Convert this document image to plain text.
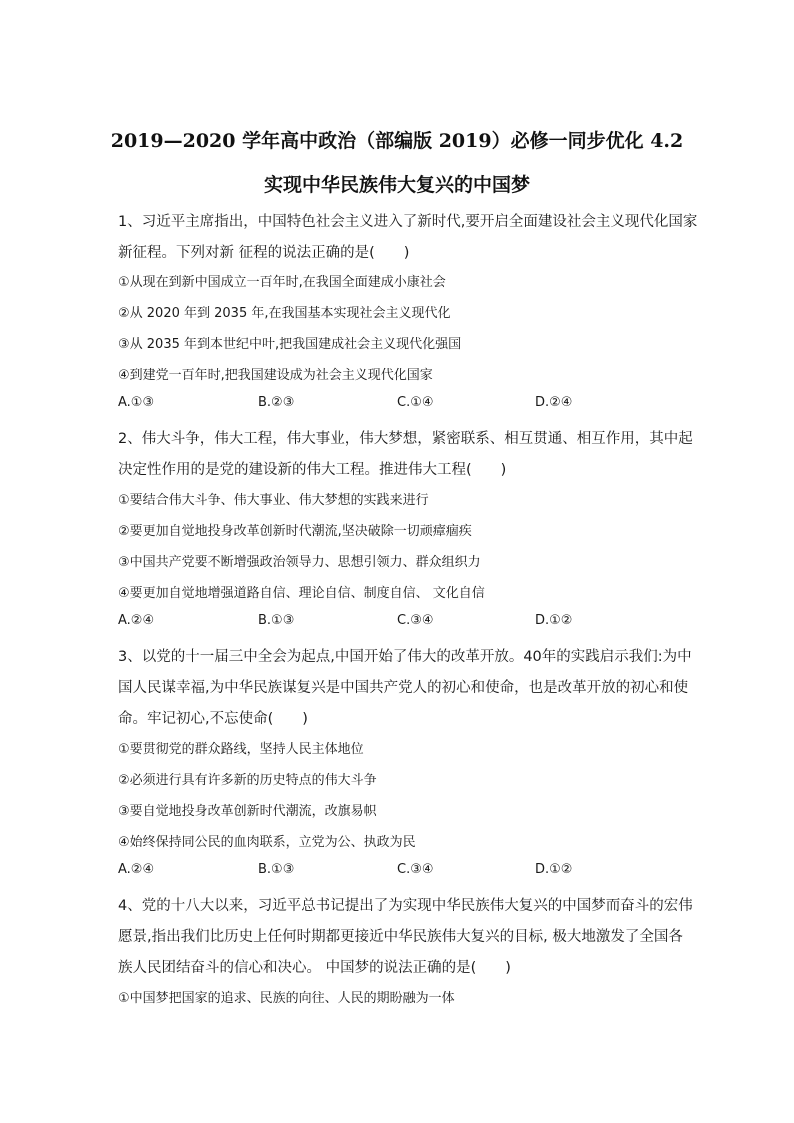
2019—2020 学年高中政治（部编版 2019）必修一同步优化 4.2
实现中华民族伟大复兴的中国梦
1、习近平主席指出，中国特色社会主义进入了新时代,要开启全面建设社会主义现代化国家
新征程。下列对新 征程的说法正确的是(　　)
①从现在到新中国成立一百年时,在我国全面建成小康社会
②从 2020 年到 2035 年,在我国基本实现社会主义现代化
③从 2035 年到本世纪中叶,把我国建成社会主义现代化强国
④到建党一百年时,把我国建设成为社会主义现代化国家
A.①③	B.②③	C.①④	D.②④
2、伟大斗争，伟大工程，伟大事业，伟大梦想，紧密联系、相互贯通、相互作用，其中起
决定性作用的是党的建设新的伟大工程。推进伟大工程(　　)
①要结合伟大斗争、伟大事业、伟大梦想的实践来进行
②要更加自觉地投身改革创新时代潮流,坚决破除一切顽瘴痼疾
③中国共产党要不断增强政治领导力、思想引领力、群众组织力
④要更加自觉地增强道路自信、理论自信、制度自信、 文化自信
A.②④	B.①③	C.③④	D.①②
3、以党的十一届三中全会为起点,中国开始了伟大的改革开放。40年的实践启示我们:为中
国人民谋幸福,为中华民族谋复兴是中国共产党人的初心和使命，也是改革开放的初心和使
命。牢记初心,不忘使命(　　)
①要贯彻党的群众路线，坚持人民主体地位
②必须进行具有许多新的历史特点的伟大斗争
③要自觉地投身改革创新时代潮流，改旗易帜
④始终保持同公民的血肉联系，立党为公、执政为民
A.②④	B.①③	C.③④	D.①②
4、党的十八大以来，习近平总书记提出了为实现中华民族伟大复兴的中国梦而奋斗的宏伟
愿景,指出我们比历史上任何时期都更接近中华民族伟大复兴的目标, 极大地激发了全国各
族人民团结奋斗的信心和决心。 中国梦的说法正确的是(　　)
①中国梦把国家的追求、民族的向往、人民的期盼融为一体
